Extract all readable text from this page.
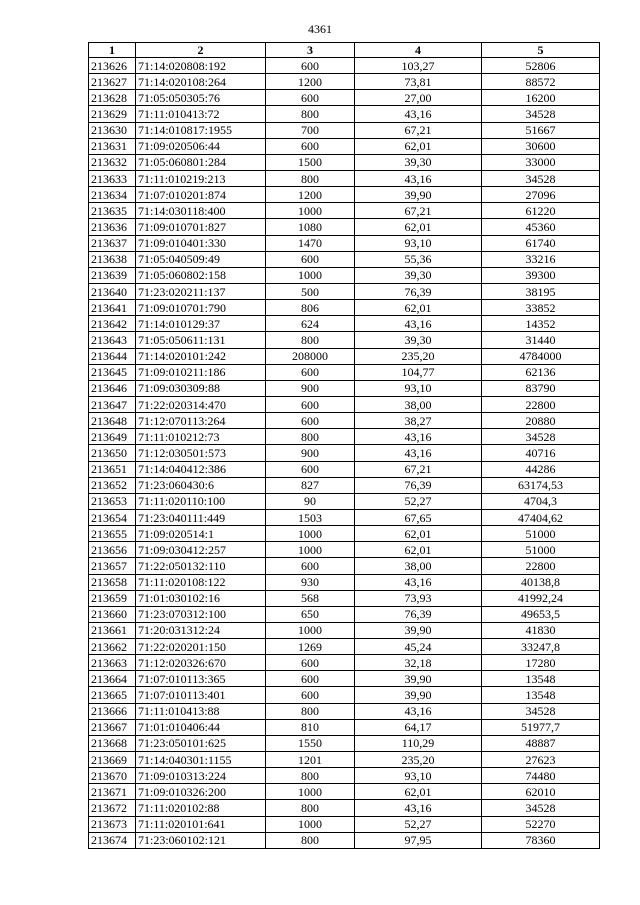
4361
1	2	3	4	5
213626	71:14:020808:192	600	103,27	52806
213627	71:14:020108:264	1200	73,81	88572
213628	71:05:050305:76	600	27,00	16200
213629	71:11:010413:72	800	43,16	34528
213630	71:14:010817:1955	700	67,21	51667
213631	71:09:020506:44	600	62,01	30600
213632	71:05:060801:284	1500	39,30	33000
213633	71:11:010219:213	800	43,16	34528
213634	71:07:010201:874	1200	39,90	27096
213635	71:14:030118:400	1000	67,21	61220
213636	71:09:010701:827	1080	62,01	45360
213637	71:09:010401:330	1470	93,10	61740
213638	71:05:040509:49	600	55,36	33216
213639	71:05:060802:158	1000	39,30	39300
213640	71:23:020211:137	500	76,39	38195
213641	71:09:010701:790	806	62,01	33852
213642	71:14:010129:37	624	43,16	14352
213643	71:05:050611:131	800	39,30	31440
213644	71:14:020101:242	208000	235,20	4784000
213645	71:09:010211:186	600	104,77	62136
213646	71:09:030309:88	900	93,10	83790
213647	71:22:020314:470	600	38,00	22800
213648	71:12:070113:264	600	38,27	20880
213649	71:11:010212:73	800	43,16	34528
213650	71:12:030501:573	900	43,16	40716
213651	71:14:040412:386	600	67,21	44286
213652	71:23:060430:6	827	76,39	63174,53
213653	71:11:020110:100	90	52,27	4704,3
213654	71:23:040111:449	1503	67,65	47404,62
213655	71:09:020514:1	1000	62,01	51000
213656	71:09:030412:257	1000	62,01	51000
213657	71:22:050132:110	600	38,00	22800
213658	71:11:020108:122	930	43,16	40138,8
213659	71:01:030102:16	568	73,93	41992,24
213660	71:23:070312:100	650	76,39	49653,5
213661	71:20:031312:24	1000	39,90	41830
213662	71:22:020201:150	1269	45,24	33247,8
213663	71:12:020326:670	600	32,18	17280
213664	71:07:010113:365	600	39,90	13548
213665	71:07:010113:401	600	39,90	13548
213666	71:11:010413:88	800	43,16	34528
213667	71:01:010406:44	810	64,17	51977,7
213668	71:23:050101:625	1550	110,29	48887
213669	71:14:040301:1155	1201	235,20	27623
213670	71:09:010313:224	800	93,10	74480
213671	71:09:010326:200	1000	62,01	62010
213672	71:11:020102:88	800	43,16	34528
213673	71:11:020101:641	1000	52,27	52270
213674	71:23:060102:121	800	97,95	78360
